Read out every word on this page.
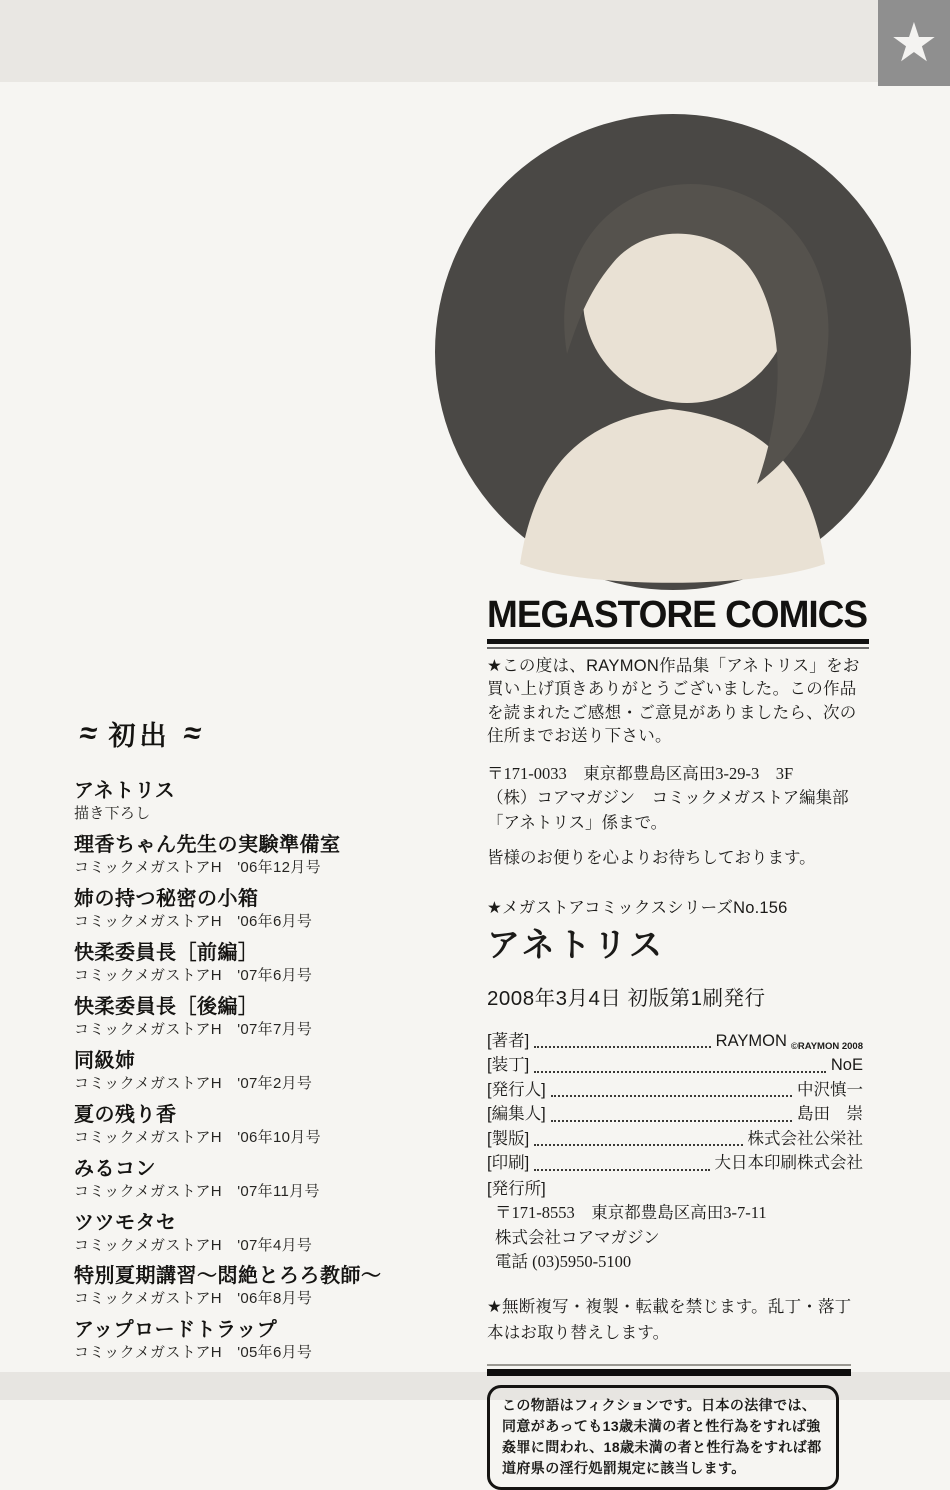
★
MEGASTORE COMICS
★この度は、RAYMON作品集「アネトリス」をお買い上げ頂きありがとうございました。この作品を読まれたご感想・ご意見がありましたら、次の住所までお送り下さい。
〒171-0033　東京都豊島区高田3-29-3　3F
（株）コアマガジン　コミックメガストア編集部
「アネトリス」係まで。
皆様のお便りを心よりお待ちしております。
★メガストアコミックスシリーズNo.156
アネトリス
2008年3月4日 初版第1刷発行
[著者]	RAYMON ©RAYMON 2008
[装丁]	NoE
[発行人]	中沢慎一
[編集人]	島田　崇
[製版]	株式会社公栄社
[印刷]	大日本印刷株式会社
[発行所]
〒171-8553　東京都豊島区高田3-7-11
株式会社コアマガジン
電話 (03)5950-5100
★無断複写・複製・転載を禁じます。乱丁・落丁本はお取り替えします。
この物語はフィクションです。日本の法律では、同意があっても13歳未満の者と性行為をすれば強姦罪に問われ、18歳未満の者と性行為をすれば都道府県の淫行処罰規定に該当します。
≈ 初出 ≈
アネトリス
描き下ろし
理香ちゃん先生の実験準備室
コミックメガストアH　'06年12月号
姉の持つ秘密の小箱
コミックメガストアH　'06年6月号
快柔委員長［前編］
コミックメガストアH　'07年6月号
快柔委員長［後編］
コミックメガストアH　'07年7月号
同級姉
コミックメガストアH　'07年2月号
夏の残り香
コミックメガストアH　'06年10月号
みるコン
コミックメガストアH　'07年11月号
ツツモタセ
コミックメガストアH　'07年4月号
特別夏期講習〜悶絶とろろ教師〜
コミックメガストアH　'06年8月号
アップロードトラップ
コミックメガストアH　'05年6月号
